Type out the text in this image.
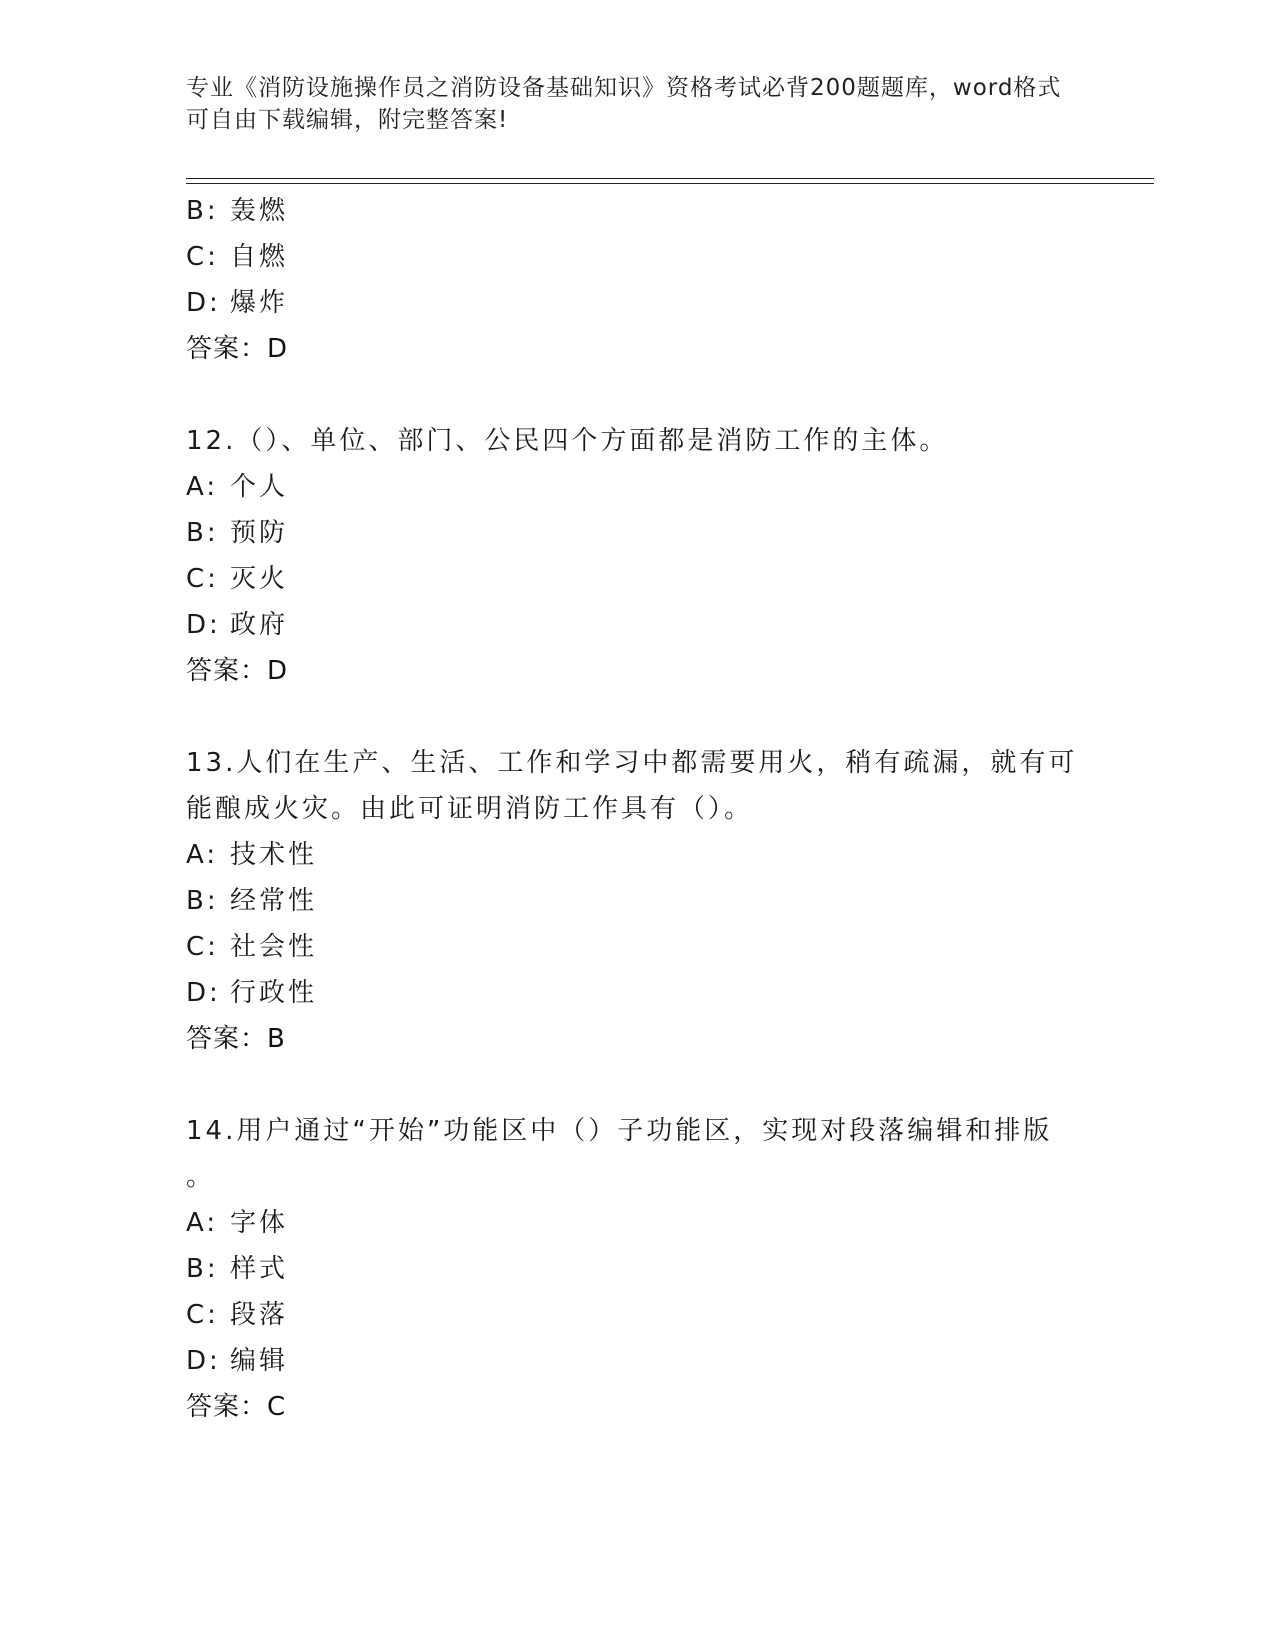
专业《消防设施操作员之消防设备基础知识》资格考试必背200题题库，word格式可自由下载编辑，附完整答案!
B: 轰燃
C: 自燃
D: 爆炸
答案：D
12.（）、单位、部门、公民四个方面都是消防工作的主体。
A: 个人
B: 预防
C: 灭火
D: 政府
答案：D
13.人们在生产、生活、工作和学习中都需要用火，稍有疏漏，就有可
能酿成火灾。由此可证明消防工作具有（）。
A: 技术性
B: 经常性
C: 社会性
D: 行政性
答案：B
14.用户通过“开始”功能区中（）子功能区，实现对段落编辑和排版
。
A: 字体
B: 样式
C: 段落
D: 编辑
答案：C
